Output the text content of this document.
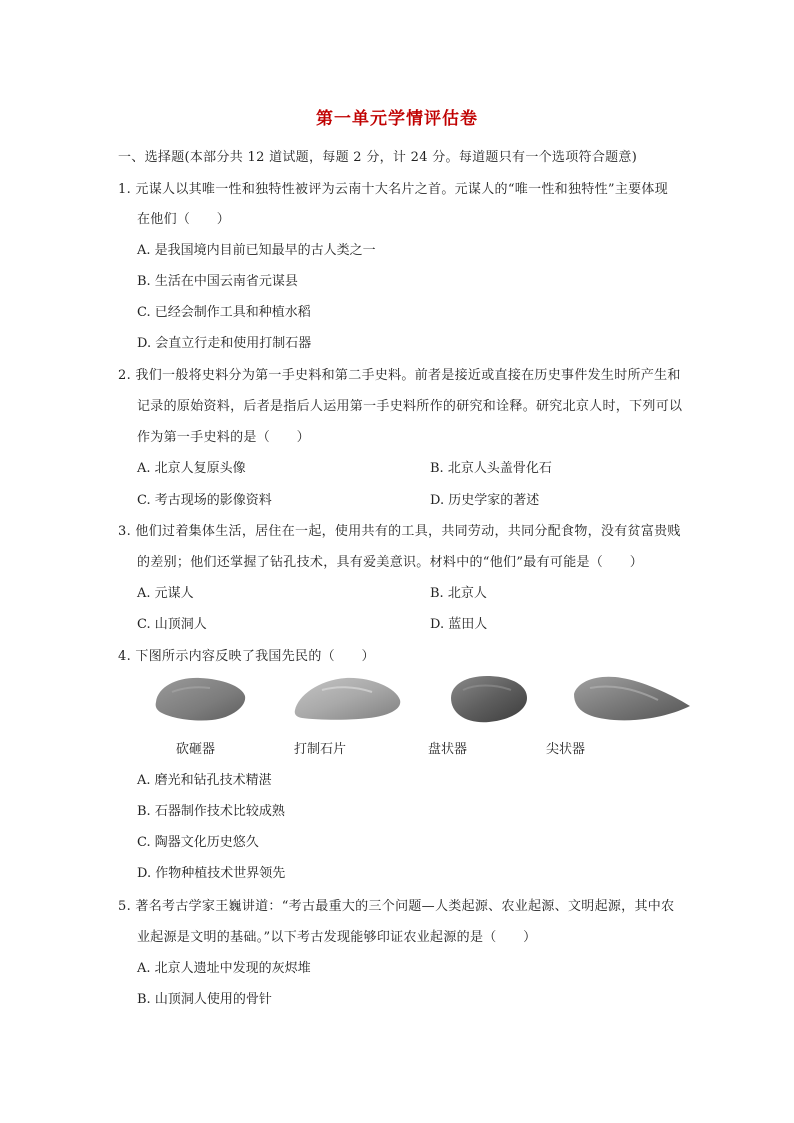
第一单元学情评估卷
一、选择题(本部分共 12 道试题，每题 2 分，计 24 分。每道题只有一个选项符合题意)
1. 元谋人以其唯一性和独特性被评为云南十大名片之首。元谋人的“唯一性和独特性”主要体现
在他们（　　）
A. 是我国境内目前已知最早的古人类之一
B. 生活在中国云南省元谋县
C. 已经会制作工具和种植水稻
D. 会直立行走和使用打制石器
2. 我们一般将史料分为第一手史料和第二手史料。前者是接近或直接在历史事件发生时所产生和
记录的原始资料，后者是指后人运用第一手史料所作的研究和诠释。研究北京人时，下列可以
作为第一手史料的是（　　）
A. 北京人复原头像	B. 北京人头盖骨化石
C. 考古现场的影像资料	D. 历史学家的著述
3. 他们过着集体生活，居住在一起，使用共有的工具，共同劳动，共同分配食物，没有贫富贵贱
的差别；他们还掌握了钻孔技术，具有爱美意识。材料中的“他们”最有可能是（　　）
A. 元谋人	B. 北京人
C. 山顶洞人	D. 蓝田人
4. 下图所示内容反映了我国先民的（　　）
砍砸器	打制石片	盘状器	尖状器
A. 磨光和钻孔技术精湛
B. 石器制作技术比较成熟
C. 陶器文化历史悠久
D. 作物种植技术世界领先
5. 著名考古学家王巍讲道：“考古最重大的三个问题—人类起源、农业起源、文明起源，其中农
业起源是文明的基础。”以下考古发现能够印证农业起源的是（　　）
A. 北京人遗址中发现的灰烬堆
B. 山顶洞人使用的骨针
